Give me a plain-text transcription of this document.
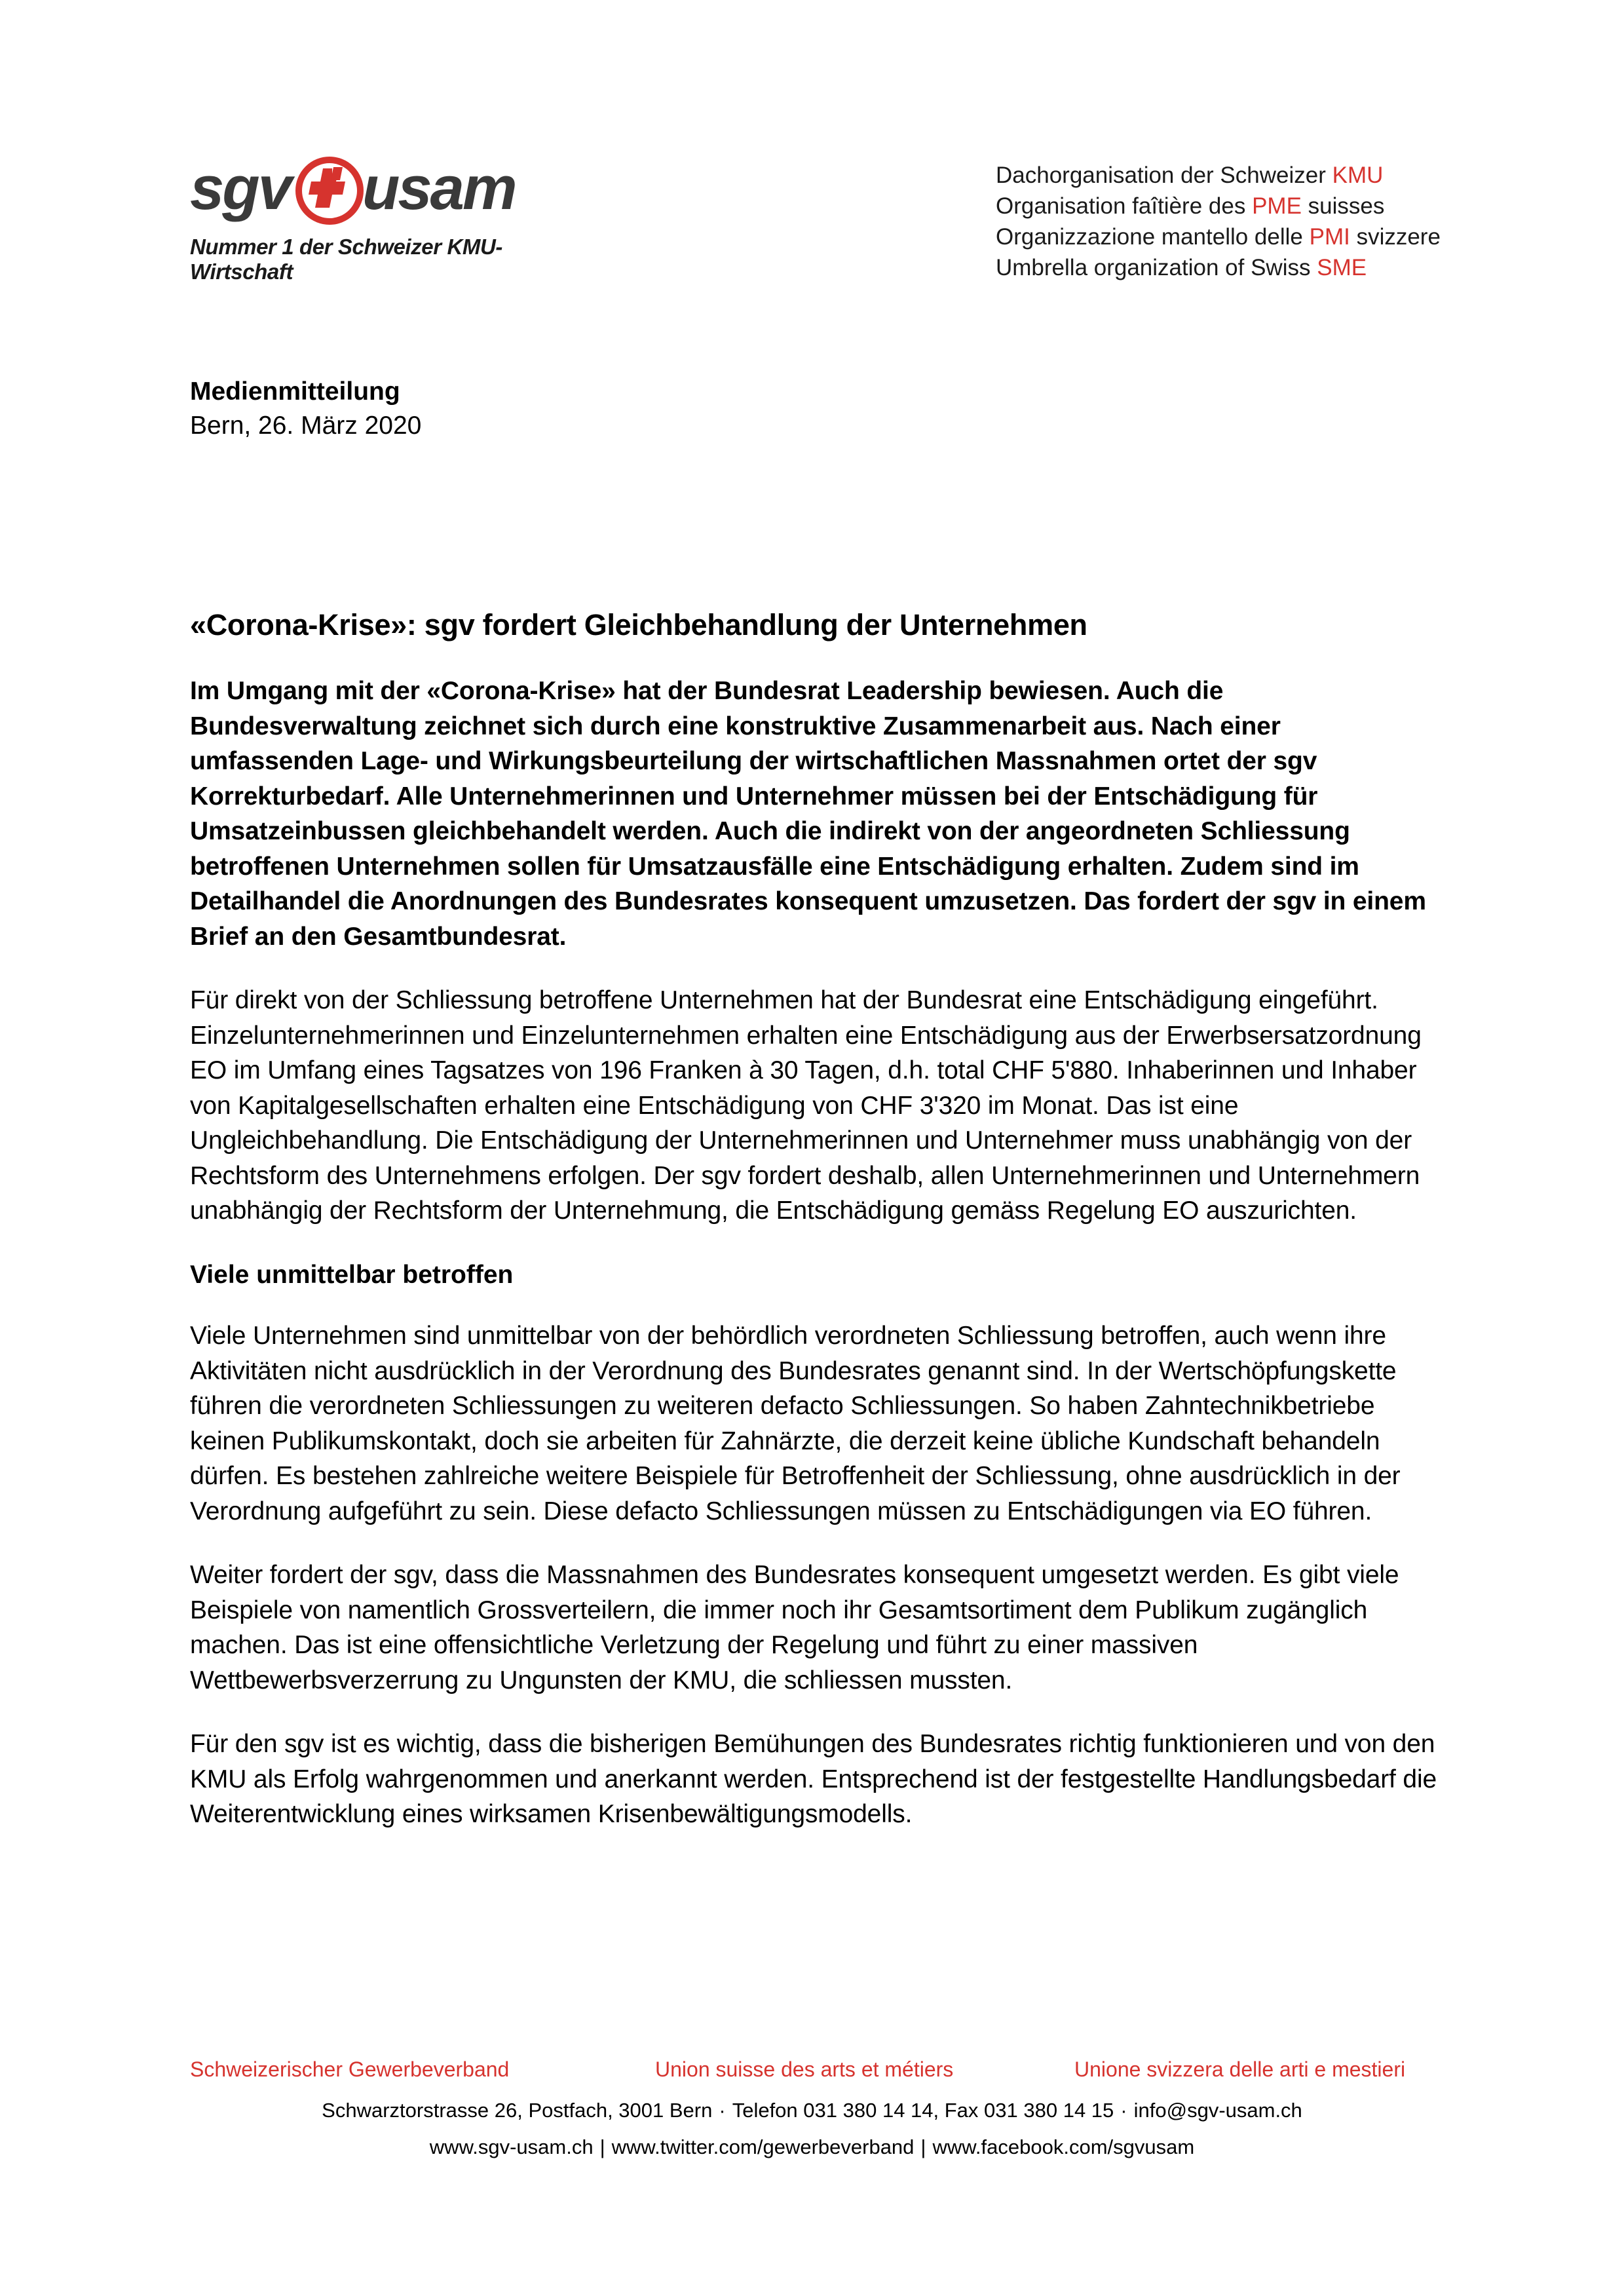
sgv usam
Nummer 1 der Schweizer KMU-Wirtschaft
Dachorganisation der Schweizer KMU
Organisation faîtière des PME suisses
Organizzazione mantello delle PMI svizzere
Umbrella organization of Swiss SME
Medienmitteilung
Bern, 26. März 2020
«Corona-Krise»: sgv fordert Gleichbehandlung der Unternehmen

Im Umgang mit der «Corona-Krise» hat der Bundesrat Leadership bewiesen. Auch die Bundesverwaltung zeichnet sich durch eine konstruktive Zusammenarbeit aus. Nach einer umfassenden Lage- und Wirkungsbeurteilung der wirtschaftlichen Massnahmen ortet der sgv Korrekturbedarf. Alle Unternehmerinnen und Unternehmer müssen bei der Entschädigung für Umsatzeinbussen gleichbehandelt werden. Auch die indirekt von der angeordneten Schliessung betroffenen Unternehmen sollen für Umsatzausfälle eine Entschädigung erhalten. Zudem sind im Detailhandel die Anordnungen des Bundesrates konsequent umzusetzen. Das fordert der sgv in einem Brief an den Gesamtbundesrat.

Für direkt von der Schliessung betroffene Unternehmen hat der Bundesrat eine Entschädigung eingeführt. Einzelunternehmerinnen und Einzelunternehmen erhalten eine Entschädigung aus der Erwerbsersatzordnung EO im Umfang eines Tagsatzes von 196 Franken à 30 Tagen, d.h. total CHF 5'880. Inhaberinnen und Inhaber von Kapitalgesellschaften erhalten eine Entschädigung von CHF 3'320 im Monat. Das ist eine Ungleichbehandlung. Die Entschädigung der Unternehmerinnen und Unternehmer muss unabhängig von der Rechtsform des Unternehmens erfolgen. Der sgv fordert deshalb, allen Unternehmerinnen und Unternehmern unabhängig der Rechtsform der Unternehmung, die Entschädigung gemäss Regelung EO auszurichten.

Viele unmittelbar betroffen

Viele Unternehmen sind unmittelbar von der behördlich verordneten Schliessung betroffen, auch wenn ihre Aktivitäten nicht ausdrücklich in der Verordnung des Bundesrates genannt sind. In der Wertschöpfungskette führen die verordneten Schliessungen zu weiteren defacto Schliessungen. So haben Zahntechnikbetriebe keinen Publikumskontakt, doch sie arbeiten für Zahnärzte, die derzeit keine übliche Kundschaft behandeln dürfen. Es bestehen zahlreiche weitere Beispiele für Betroffenheit der Schliessung, ohne ausdrücklich in der Verordnung aufgeführt zu sein. Diese defacto Schliessungen müssen zu Entschädigungen via EO führen.

Weiter fordert der sgv, dass die Massnahmen des Bundesrates konsequent umgesetzt werden. Es gibt viele Beispiele von namentlich Grossverteilern, die immer noch ihr Gesamtsortiment dem Publikum zugänglich machen. Das ist eine offensichtliche Verletzung der Regelung und führt zu einer massiven Wettbewerbsverzerrung zu Ungunsten der KMU, die schliessen mussten.

Für den sgv ist es wichtig, dass die bisherigen Bemühungen des Bundesrates richtig funktionieren und von den KMU als Erfolg wahrgenommen und anerkannt werden. Entsprechend ist der festgestellte Handlungsbedarf die Weiterentwicklung eines wirksamen Krisenbewältigungsmodells.

Schweizerischer Gewerbeverband	Union suisse des arts et métiers	Unione svizzera delle arti e mestieri
Schwarztorstrasse 26, Postfach, 3001 Bern · Telefon 031 380 14 14, Fax 031 380 14 15 · info@sgv-usam.ch
www.sgv-usam.ch | www.twitter.com/gewerbeverband | www.facebook.com/sgvusam
